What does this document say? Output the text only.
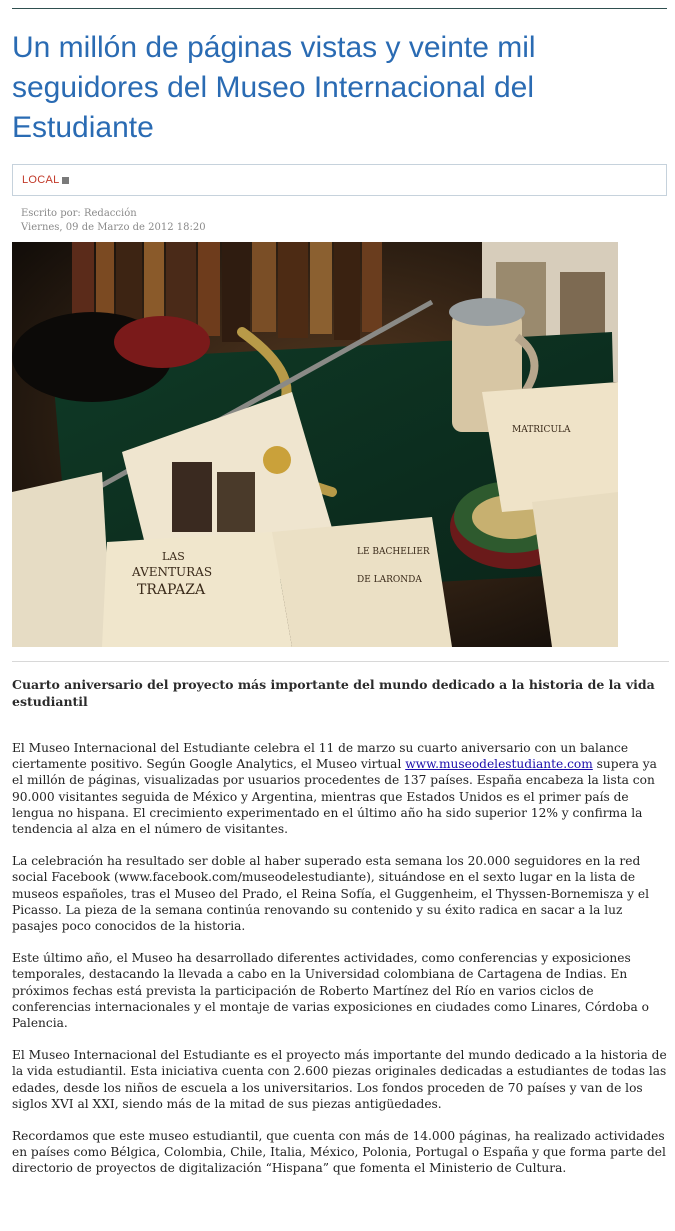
Un millón de páginas vistas y veinte mil seguidores del Museo Internacional del Estudiante
LOCAL
Escrito por: Redacción
Viernes, 09 de Marzo de 2012 18:20
LAS
AVENTURAS
TRAPAZA
LE BACHELIER
DE LARONDA
MATRICULA
Cuarto aniversario del proyecto más importante del mundo dedicado a la historia de la vida estudiantil

El Museo Internacional del Estudiante celebra el 11 de marzo su cuarto aniversario con un balance ciertamente positivo. Según Google Analytics, el Museo virtual www.museodelestudiante.com supera ya el millón de páginas, visualizadas por usuarios procedentes de 137 países. España encabeza la lista con 90.000 visitantes seguida de México y Argentina, mientras que Estados Unidos es el primer país de lengua no hispana. El crecimiento experimentado en el último año ha sido superior 12% y confirma la tendencia al alza en el número de visitantes.

La celebración ha resultado ser doble al haber superado esta semana los 20.000 seguidores en la red social Facebook (www.facebook.com/museodelestudiante), situándose en el sexto lugar en la lista de museos españoles, tras el Museo del Prado, el Reina Sofía, el Guggenheim, el Thyssen-Bornemisza y el Picasso. La pieza de la semana continúa renovando su contenido y su éxito radica en sacar a la luz pasajes poco conocidos de la historia.

Este último año, el Museo ha desarrollado diferentes actividades, como conferencias y exposiciones temporales, destacando la llevada a cabo en la Universidad colombiana de Cartagena de Indias. En próximos fechas está prevista la participación de Roberto Martínez del Río en varios ciclos de conferencias internacionales y el montaje de varias exposiciones en ciudades como Linares, Córdoba o Palencia.

El Museo Internacional del Estudiante es el proyecto más importante del mundo dedicado a la historia de la vida estudiantil. Esta iniciativa cuenta con 2.600 piezas originales dedicadas a estudiantes de todas las edades, desde los niños de escuela a los universitarios. Los fondos proceden de 70 países y van de los siglos XVI al XXI, siendo más de la mitad de sus piezas antigüedades.

Recordamos que este museo estudiantil, que cuenta con más de 14.000 páginas, ha realizado actividades en países como Bélgica, Colombia, Chile, Italia, México, Polonia, Portugal o España y que forma parte del directorio de proyectos de digitalización “Hispana” que fomenta el Ministerio de Cultura.
